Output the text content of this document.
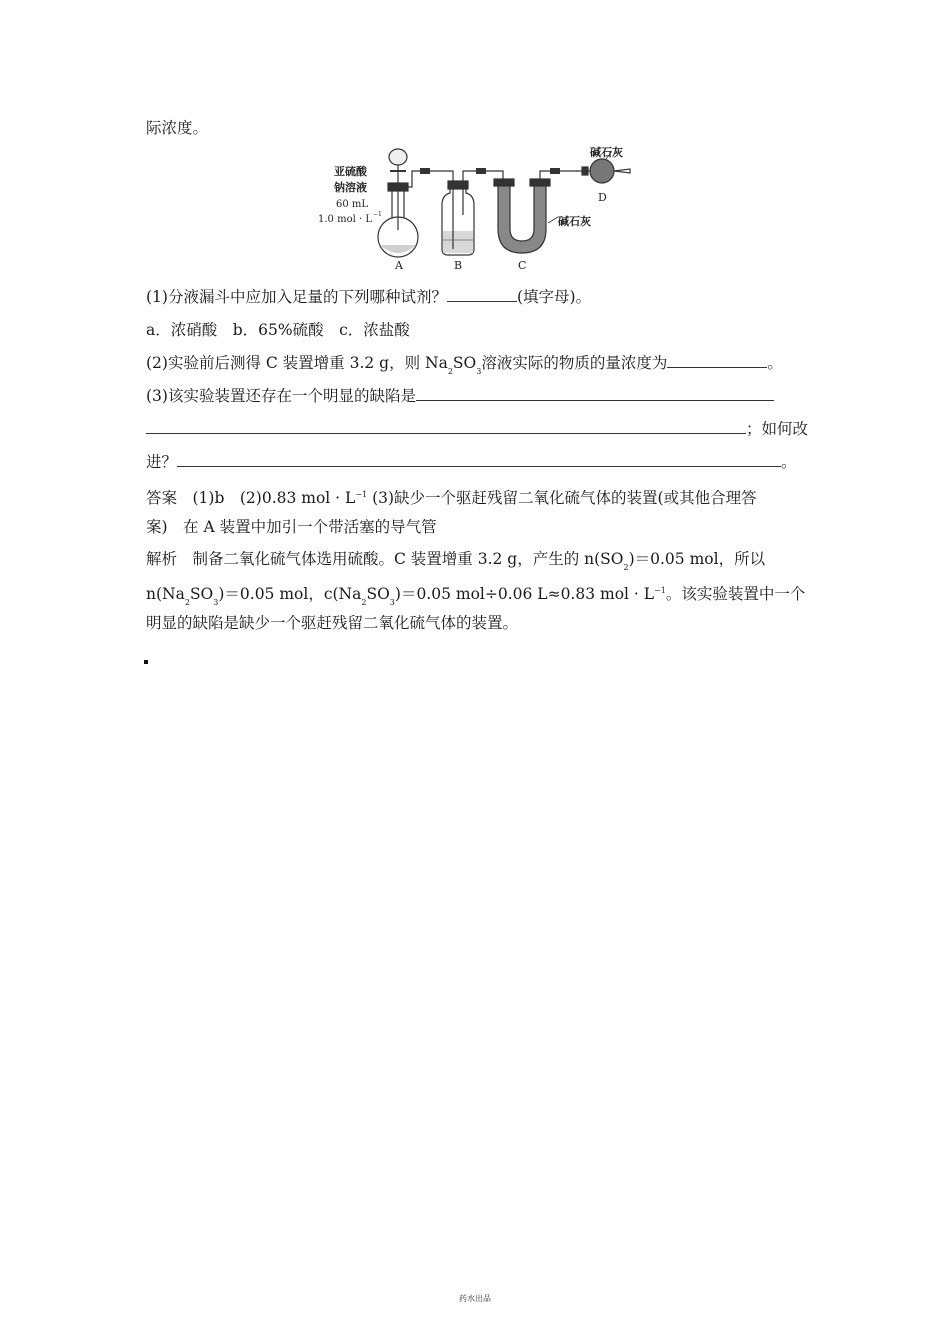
际浓度。
亚硫酸
钠溶液
60 mL
1.0 mol · L −1
碱石灰
碱石灰
A	B	C
D
(1)分液漏斗中应加入足量的下列哪种试剂？	(填字母)。
a．浓硝酸　b．65%硫酸　c．浓盐酸
(2)实验前后测得 C 装置增重 3.2 g，则 $Na_2SO_3$溶液实际的物质的量浓度为	。
(3)该实验装置还存在一个明显的缺陷是
；如何改
进？	。
答案　(1)b　(2)0.83 mol · $L^{-1}$ (3)缺少一个驱赶残留二氧化硫气体的装置(或其他合理答
案)　在 A 装置中加引一个带活塞的导气管
解析　制备二氧化硫气体选用硫酸。C 装置增重 3.2 g，产生的 $n(SO_2)=0.05$ mol，所以
$n(Na_2SO_3)=0.05$ mol，$c(Na_2SO_3)=0.05$ mol÷0.06 L≈0.83 mol · $L^{-1}$。该实验装置中一个
明显的缺陷是缺少一个驱赶残留二氧化硫气体的装置。
药水出品
